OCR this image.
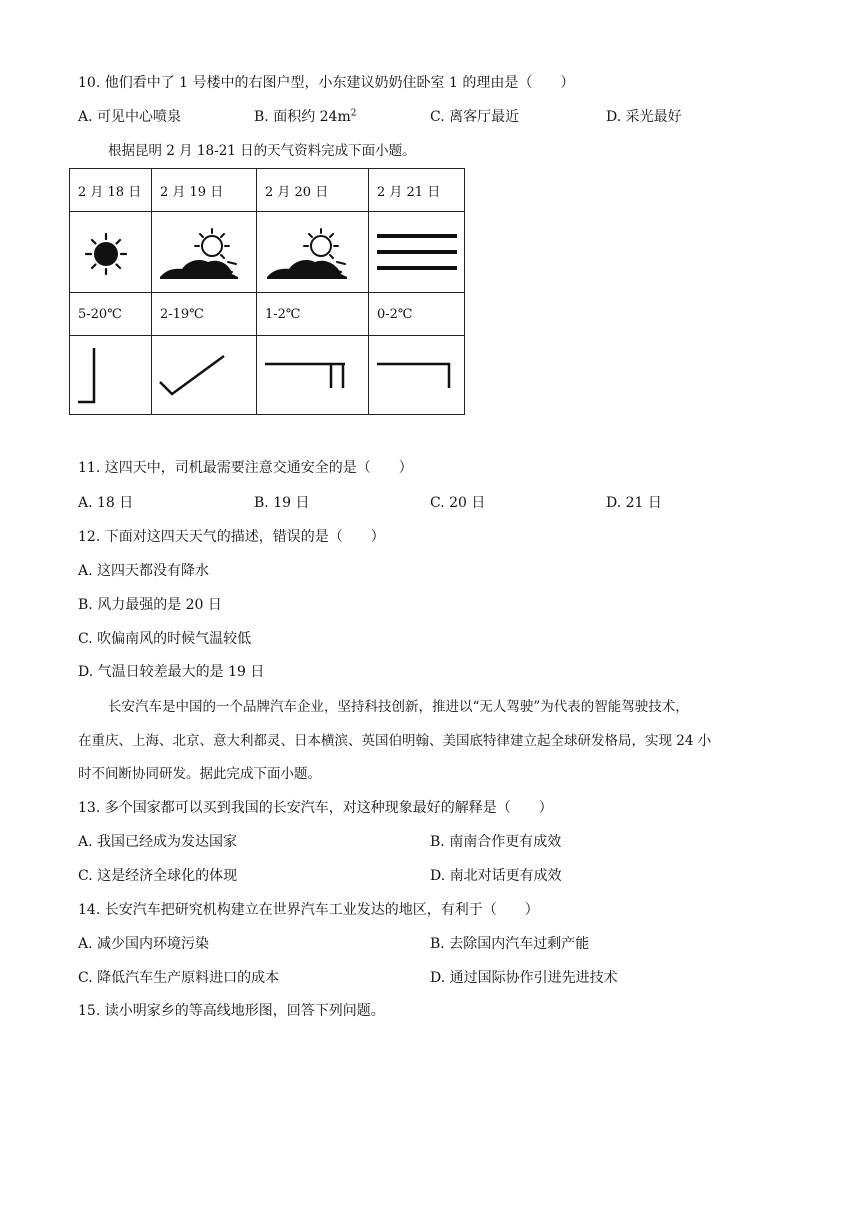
10. 他们看中了 1 号楼中的右图户型，小东建议奶奶住卧室 1 的理由是（　　）
A. 可见中心喷泉	B. 面积约 $24m^2$	C. 离客厅最近	D. 采光最好
根据昆明 2 月 18-21 日的天气资料完成下面小题。
2 月 18 日	2 月 19 日	2 月 20 日	2 月 21 日

5-20℃	2-19℃	1-2℃	0-2℃

11. 这四天中，司机最需要注意交通安全的是（　　）
A. 18 日	B. 19 日	C. 20 日	D. 21 日
12. 下面对这四天天气的描述，错误的是（　　）
A. 这四天都没有降水
B. 风力最强的是 20 日
C. 吹偏南风的时候气温较低
D. 气温日较差最大的是 19 日
长安汽车是中国的一个品牌汽车企业，坚持科技创新，推进以“无人驾驶”为代表的智能驾驶技术，
在重庆、上海、北京、意大利都灵、日本横滨、英国伯明翰、美国底特律建立起全球研发格局，实现 24 小
时不间断协同研发。据此完成下面小题。
13. 多个国家都可以买到我国的长安汽车，对这种现象最好的解释是（　　）
A. 我国已经成为发达国家	B. 南南合作更有成效
C. 这是经济全球化的体现	D. 南北对话更有成效
14. 长安汽车把研究机构建立在世界汽车工业发达的地区，有利于（　　）
A. 减少国内环境污染	B. 去除国内汽车过剩产能
C. 降低汽车生产原料进口的成本	D. 通过国际协作引进先进技术
15. 读小明家乡的等高线地形图，回答下列问题。
